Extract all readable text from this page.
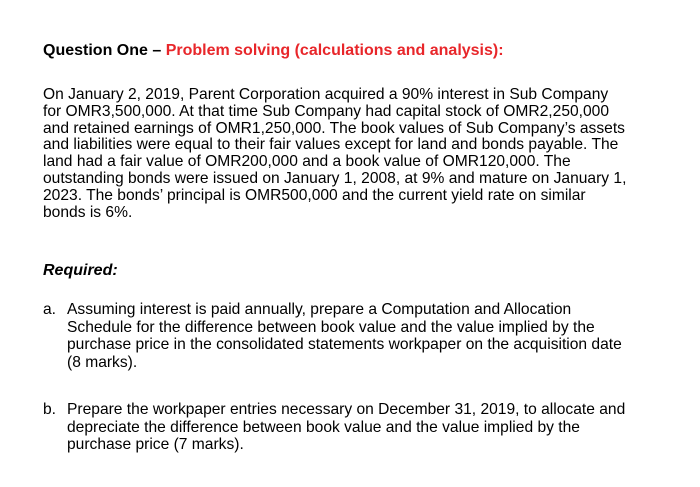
Question One – Problem solving (calculations and analysis):
On January 2, 2019, Parent Corporation acquired a 90% interest in Sub Company
for OMR3,500,000. At that time Sub Company had capital stock of OMR2,250,000
and retained earnings of OMR1,250,000. The book values of Sub Company’s assets
and liabilities were equal to their fair values except for land and bonds payable. The
land had a fair value of OMR200,000 and a book value of OMR120,000. The
outstanding bonds were issued on January 1, 2008, at 9% and mature on January 1,
2023. The bonds’ principal is OMR500,000 and the current yield rate on similar
bonds is 6%.
Required:
a. Assuming interest is paid annually, prepare a Computation and Allocation
Schedule for the difference between book value and the value implied by the
purchase price in the consolidated statements workpaper on the acquisition date
(8 marks).
b. Prepare the workpaper entries necessary on December 31, 2019, to allocate and
depreciate the difference between book value and the value implied by the
purchase price (7 marks).
